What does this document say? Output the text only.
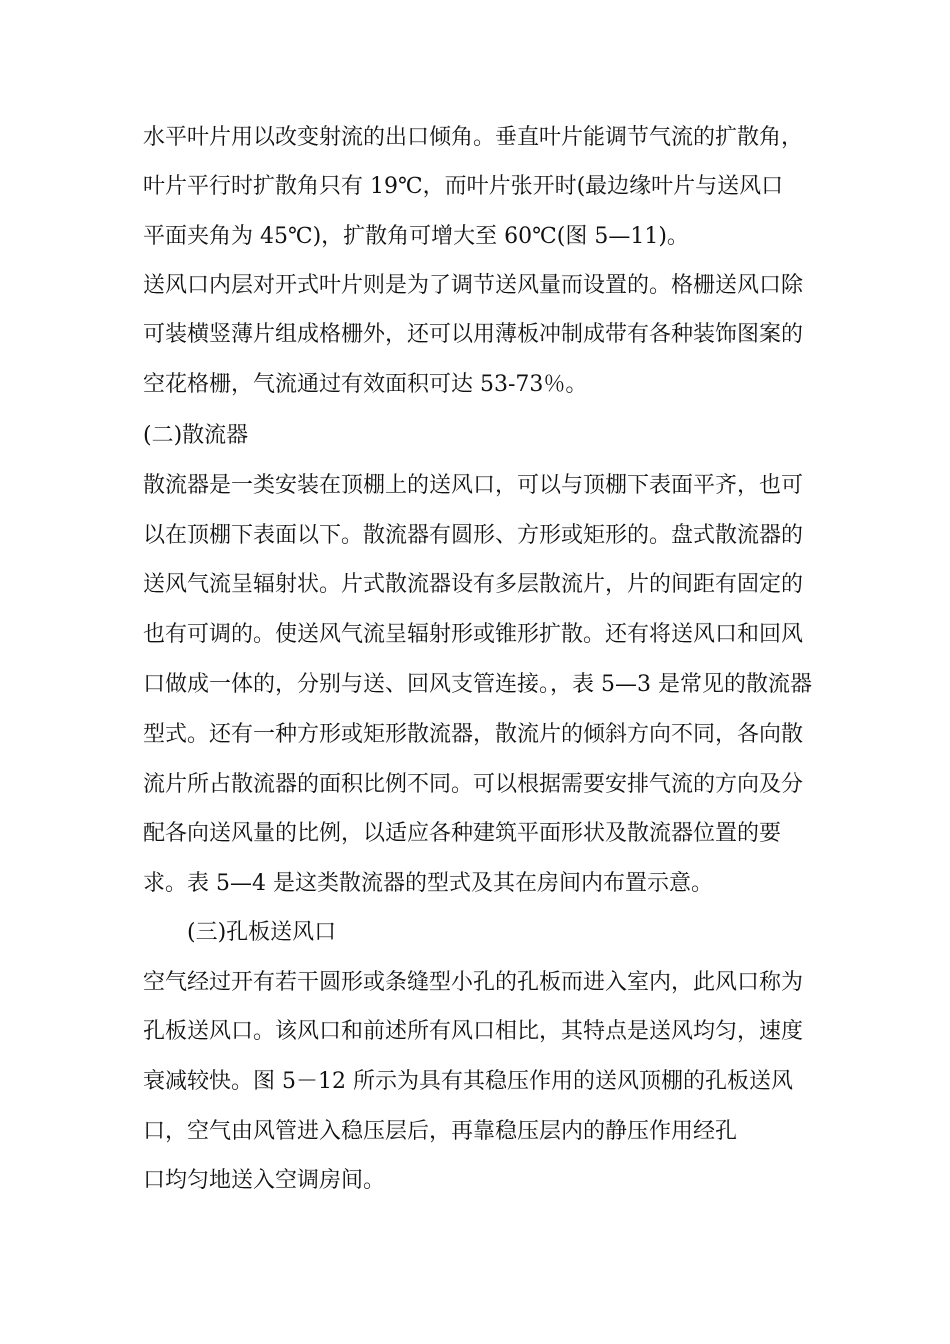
水平叶片用以改变射流的出口倾角。垂直叶片能调节气流的扩散角，
叶片平行时扩散角只有 19℃，而叶片张开时(最边缘叶片与送风口
平面夹角为 45℃)，扩散角可增大至 60℃(图 5—11)。
送风口内层对开式叶片则是为了调节送风量而设置的。格栅送风口除
可装横竖薄片组成格栅外，还可以用薄板冲制成带有各种装饰图案的
空花格栅，气流通过有效面积可达 53-73％。
(二)散流器
散流器是一类安装在顶棚上的送风口，可以与顶棚下表面平齐，也可
以在顶棚下表面以下。散流器有圆形、方形或矩形的。盘式散流器的
送风气流呈辐射状。片式散流器设有多层散流片，片的间距有固定的
也有可调的。使送风气流呈辐射形或锥形扩散。还有将送风口和回风
口做成一体的，分别与送、回风支管连接。，表 5—3 是常见的散流器
型式。还有一种方形或矩形散流器，散流片的倾斜方向不同，各向散
流片所占散流器的面积比例不同。可以根据需要安排气流的方向及分
配各向送风量的比例，以适应各种建筑平面形状及散流器位置的要
求。表 5—4 是这类散流器的型式及其在房间内布置示意。
(三)孔板送风口
空气经过开有若干圆形或条缝型小孔的孔板而进入室内，此风口称为
孔板送风口。该风口和前述所有风口相比，其特点是送风均匀，速度
衰减较快。图 5－12 所示为具有其稳压作用的送风顶棚的孔板送风
口，空气由风管进入稳压层后，再靠稳压层内的静压作用经孔
口均匀地送入空调房间。
